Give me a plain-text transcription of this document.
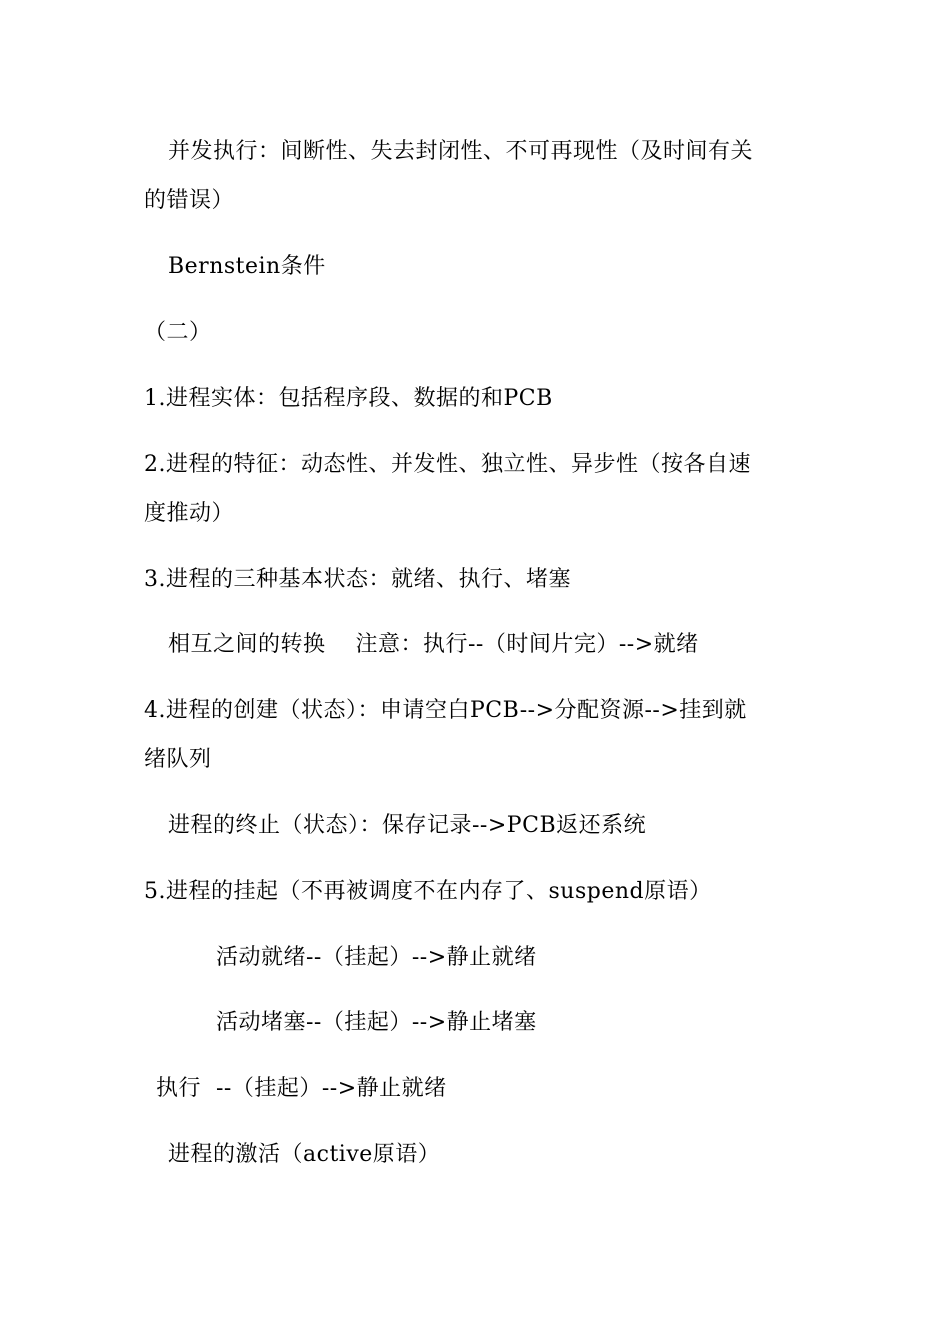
并发执行：间断性、失去封闭性、不可再现性（及时间有关
的错误）
Bernstein条件
（二）
1.进程实体：包括程序段、数据的和PCB
2.进程的特征：动态性、并发性、独立性、异步性（按各自速
度推动）
3.进程的三种基本状态：就绪、执行、堵塞
相互之间的转换    注意：执行--（时间片完）-->就绪
4.进程的创建（状态）：申请空白PCB-->分配资源-->挂到就
绪队列
进程的终止（状态）：保存记录-->PCB返还系统
5.进程的挂起（不再被调度不在内存了、suspend原语）
活动就绪--（挂起）-->静止就绪
活动堵塞--（挂起）-->静止堵塞
执行  --（挂起）-->静止就绪
进程的激活（active原语）
